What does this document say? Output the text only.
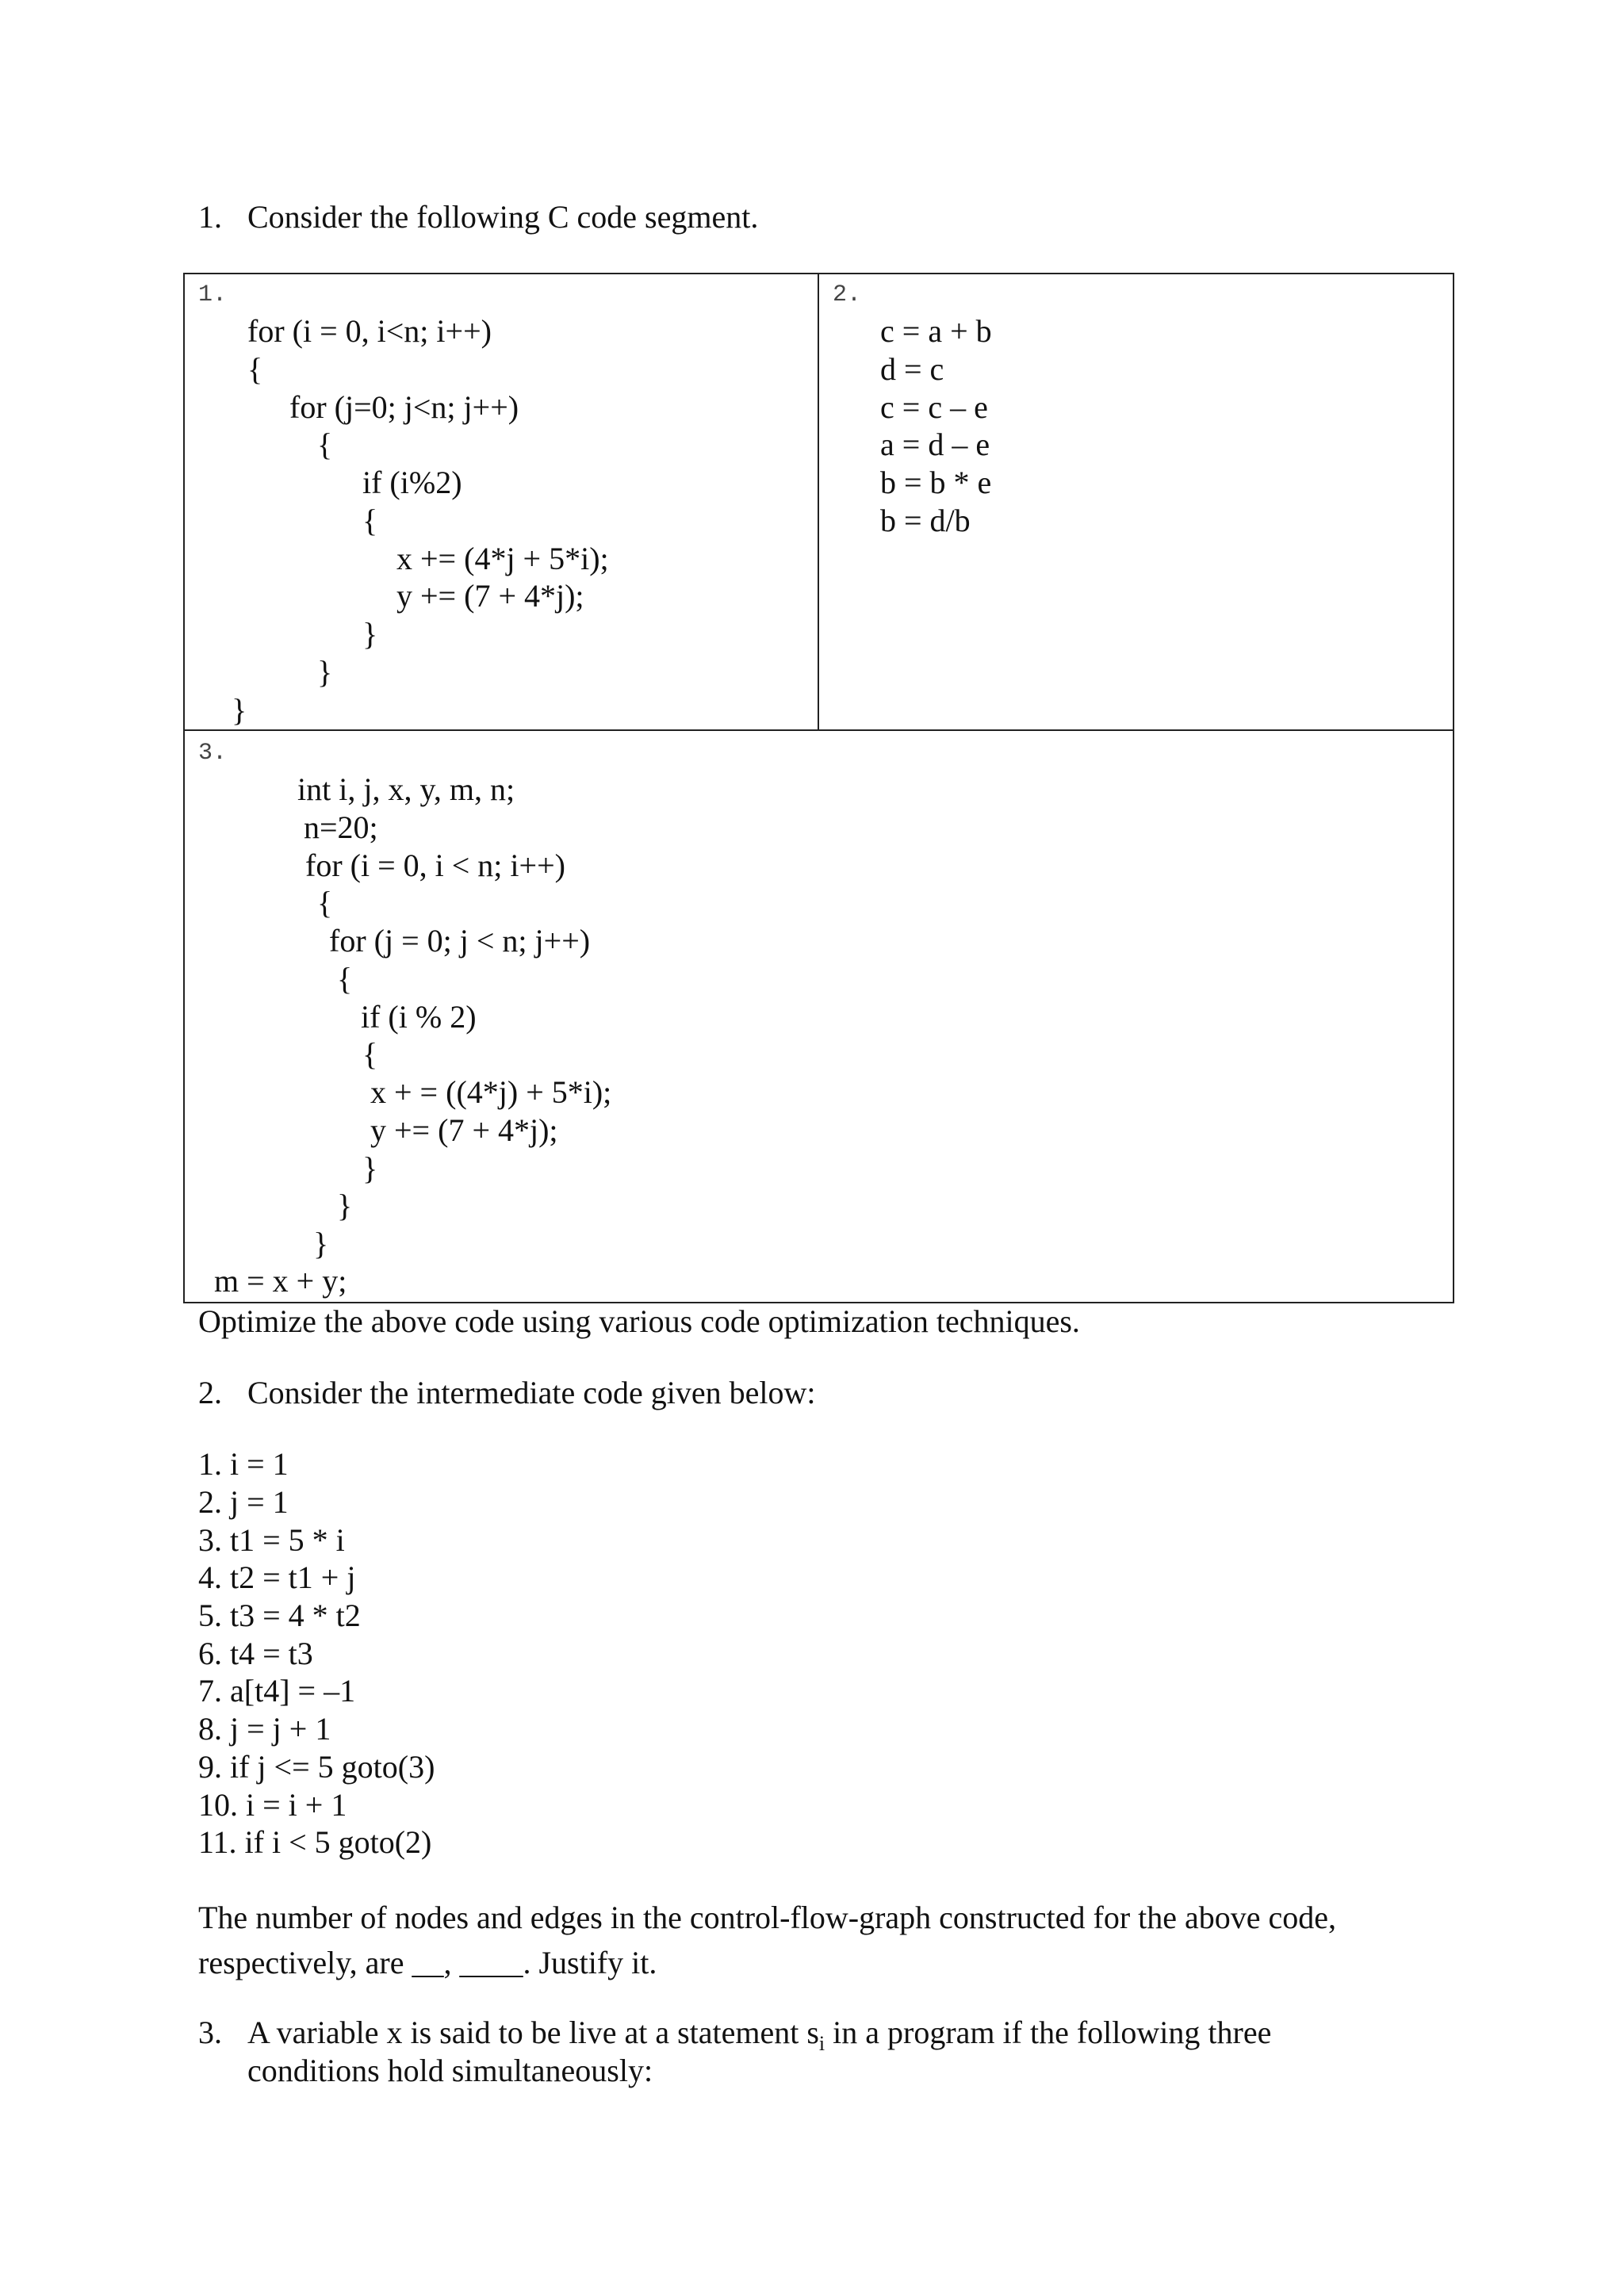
1. Consider the following C code segment.
1.
for (i = 0, i<n; i++)
{
for (j=0; j<n; j++)
{
if (i%2)
{
x += (4*j + 5*i);
y += (7 + 4*j);
}
}
}
2.
c = a + b
d = c
c = c – e
a = d – e
b = b * e
b = d/b
3.
int i, j, x, y, m, n;
n=20;
for (i = 0, i < n; i++)
{
for (j = 0; j < n; j++)
{
if (i % 2)
{
x + = ((4*j) + 5*i);
y += (7 + 4*j);
}
}
}
m = x + y;
Optimize the above code using various code optimization techniques.
2. Consider the intermediate code given below:
1. i = 1
2. j = 1
3. t1 = 5 * i
4. t2 = t1 + j
5. t3 = 4 * t2
6. t4 = t3
7. a[t4] = –1
8. j = j + 1
9. if j <= 5 goto(3)
10. i = i + 1
11. if i < 5 goto(2)
The number of nodes and edges in the control-flow-graph constructed for the above code,
respectively, are __, ____. Justify it.
3. A variable x is said to be live at a statement $s_i$ in a program if the following three
conditions hold simultaneously:
